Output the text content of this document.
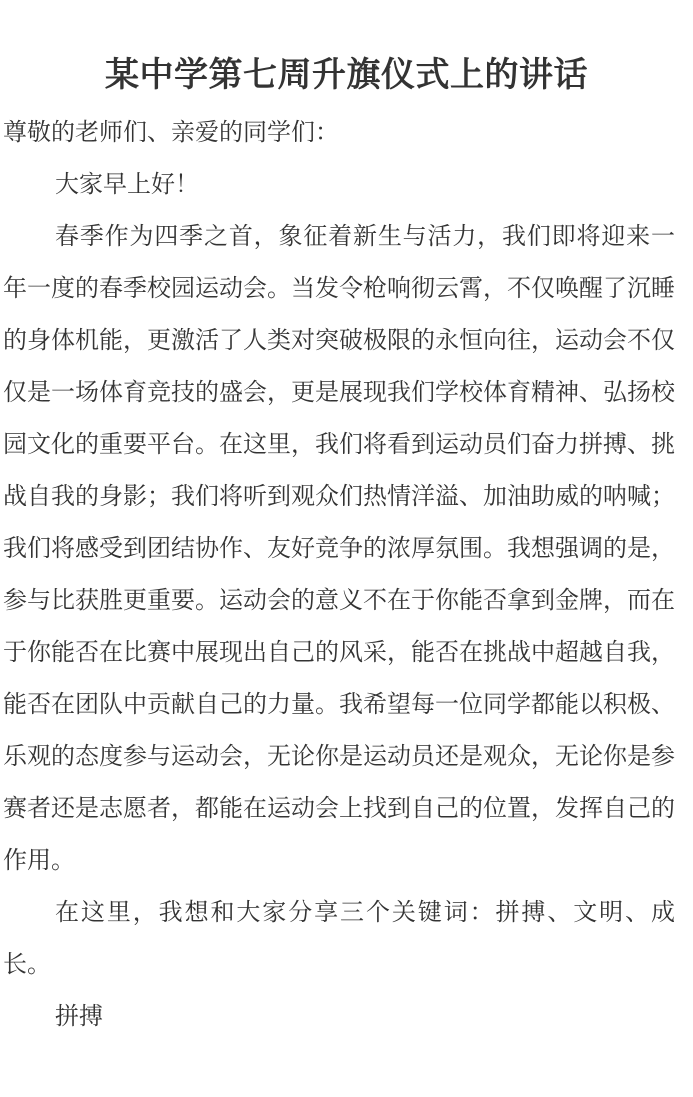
某中学第七周升旗仪式上的讲话

尊敬的老师们、亲爱的同学们：

大家早上好！

春季作为四季之首，象征着新生与活力，我们即将迎来一年一度的春季校园运动会。当发令枪响彻云霄，不仅唤醒了沉睡的身体机能，更激活了人类对突破极限的永恒向往，运动会不仅仅是一场体育竞技的盛会，更是展现我们学校体育精神、弘扬校园文化的重要平台。在这里，我们将看到运动员们奋力拼搏、挑战自我的身影；我们将听到观众们热情洋溢、加油助威的呐喊；我们将感受到团结协作、友好竞争的浓厚氛围。我想强调的是，参与比获胜更重要。运动会的意义不在于你能否拿到金牌，而在于你能否在比赛中展现出自己的风采，能否在挑战中超越自我，能否在团队中贡献自己的力量。我希望每一位同学都能以积极、乐观的态度参与运动会，无论你是运动员还是观众，无论你是参赛者还是志愿者，都能在运动会上找到自己的位置，发挥自己的作用。

在这里，我想和大家分享三个关键词：拼搏、文明、成长。

拼搏
